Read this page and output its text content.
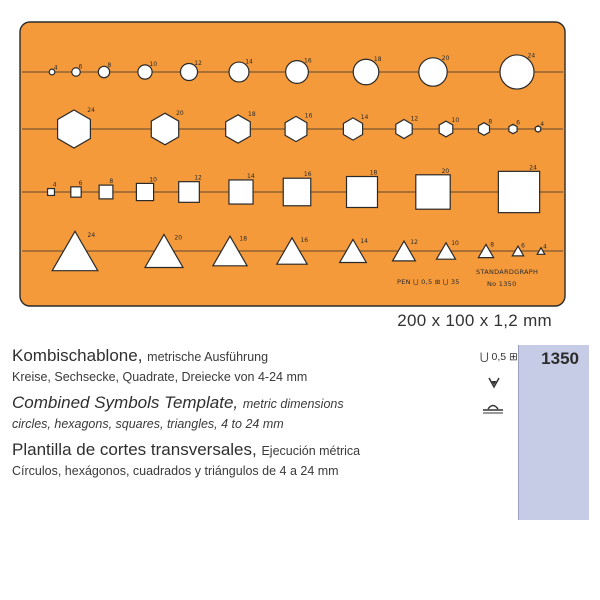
4	6	8	10	12	14	16	18	20	24
24	20	18	16	14	12	10	8	6	4
4	6	8	10	12	14	16	18	20	24
24	20	18	16	14	12	10	8	6	4
PEN ⋃ 0,5 ⊞ ⋃ 35
STANDARDGRAPH
No 1350
200 x 100 x 1,2 mm
Kombischablone, metrische Ausführung
Kreise, Sechsecke, Quadrate, Dreiecke von 4-24 mm
Combined Symbols Template, metric dimensions
circles, hexagons, squares, triangles, 4 to 24 mm
Plantilla de cortes transversales, Ejecución métrica
Círculos, hexágonos, cuadrados y triángulos de 4 a 24 mm
⋃ 0,5 ⊞ 1350
